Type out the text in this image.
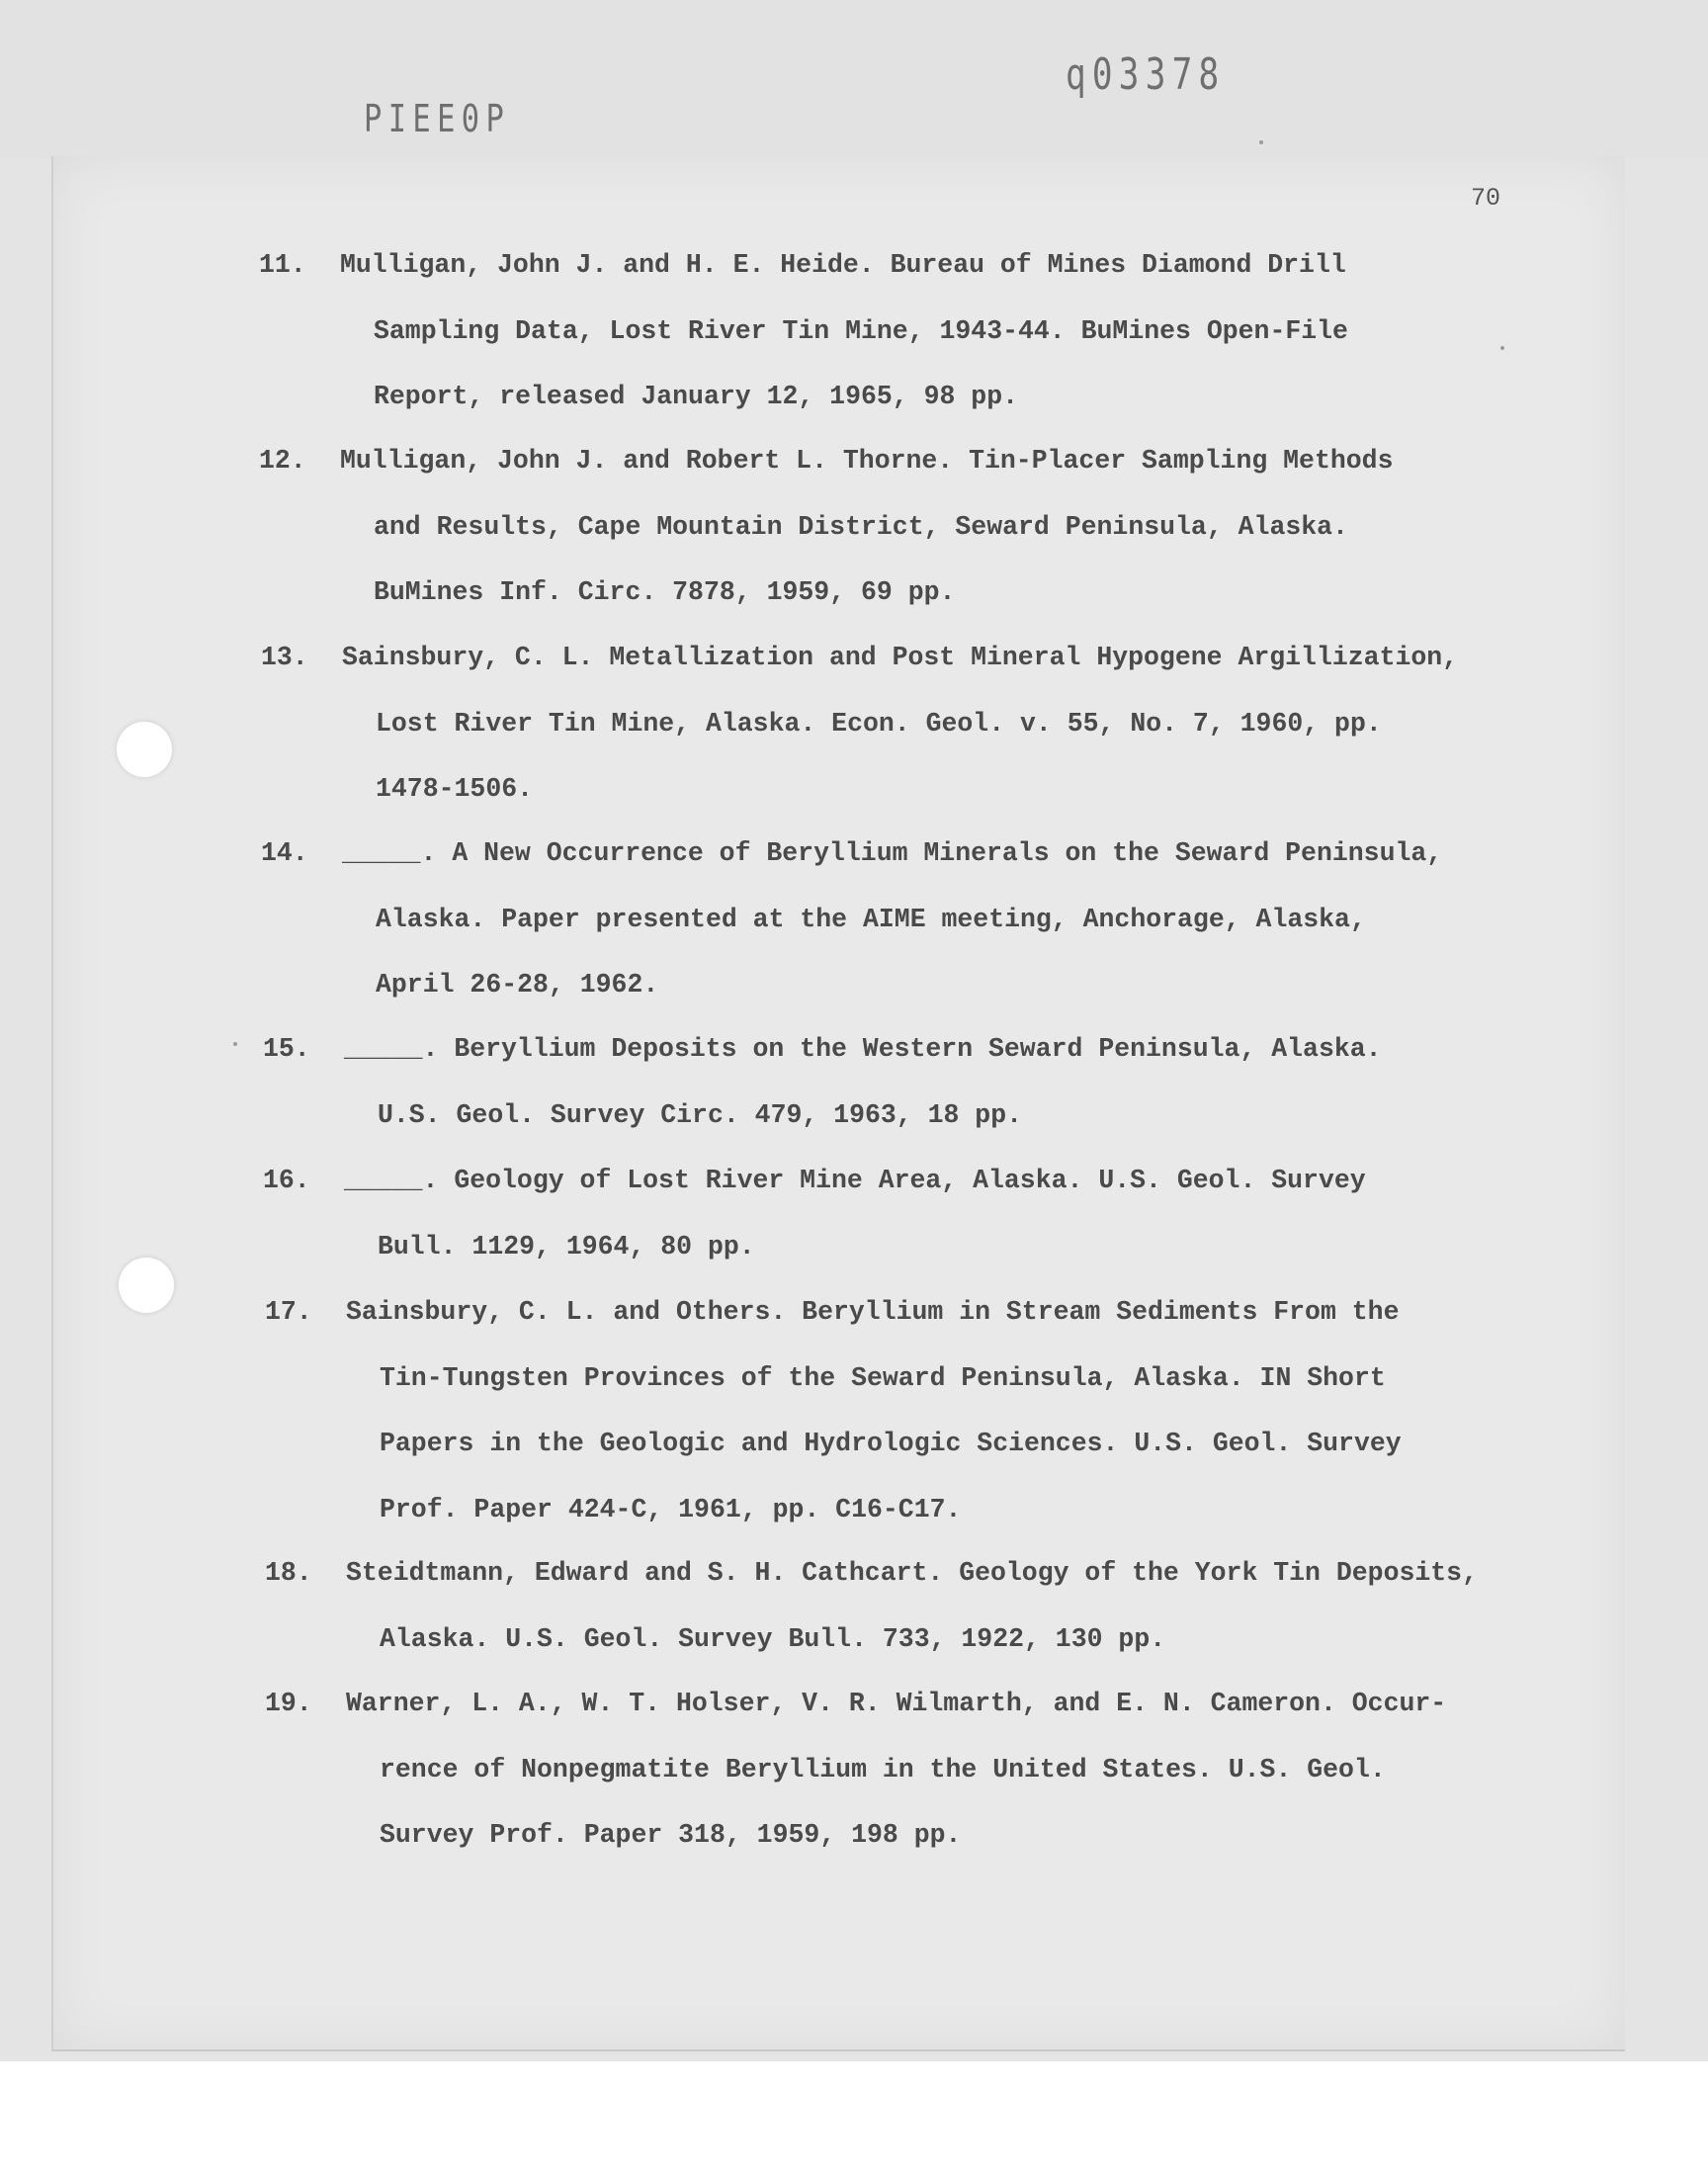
PIEE0P
q03378
70
11.	Mulligan, John J. and H. E. Heide. Bureau of Mines Diamond Drill
Sampling Data, Lost River Tin Mine, 1943-44. BuMines Open-File
Report, released January 12, 1965, 98 pp.
12.	Mulligan, John J. and Robert L. Thorne. Tin-Placer Sampling Methods
and Results, Cape Mountain District, Seward Peninsula, Alaska.
BuMines Inf. Circ. 7878, 1959, 69 pp.
13.	Sainsbury, C. L. Metallization and Post Mineral Hypogene Argillization,
Lost River Tin Mine, Alaska. Econ. Geol. v. 55, No. 7, 1960, pp.
1478-1506.
14.	_____. A New Occurrence of Beryllium Minerals on the Seward Peninsula,
Alaska. Paper presented at the AIME meeting, Anchorage, Alaska,
April 26-28, 1962.
15.	_____. Beryllium Deposits on the Western Seward Peninsula, Alaska.
U.S. Geol. Survey Circ. 479, 1963, 18 pp.
16.	_____. Geology of Lost River Mine Area, Alaska. U.S. Geol. Survey
Bull. 1129, 1964, 80 pp.
17.	Sainsbury, C. L. and Others. Beryllium in Stream Sediments From the
Tin-Tungsten Provinces of the Seward Peninsula, Alaska. IN Short
Papers in the Geologic and Hydrologic Sciences. U.S. Geol. Survey
Prof. Paper 424-C, 1961, pp. C16-C17.
18.	Steidtmann, Edward and S. H. Cathcart. Geology of the York Tin Deposits,
Alaska. U.S. Geol. Survey Bull. 733, 1922, 130 pp.
19.	Warner, L. A., W. T. Holser, V. R. Wilmarth, and E. N. Cameron. Occur-
rence of Nonpegmatite Beryllium in the United States. U.S. Geol.
Survey Prof. Paper 318, 1959, 198 pp.
